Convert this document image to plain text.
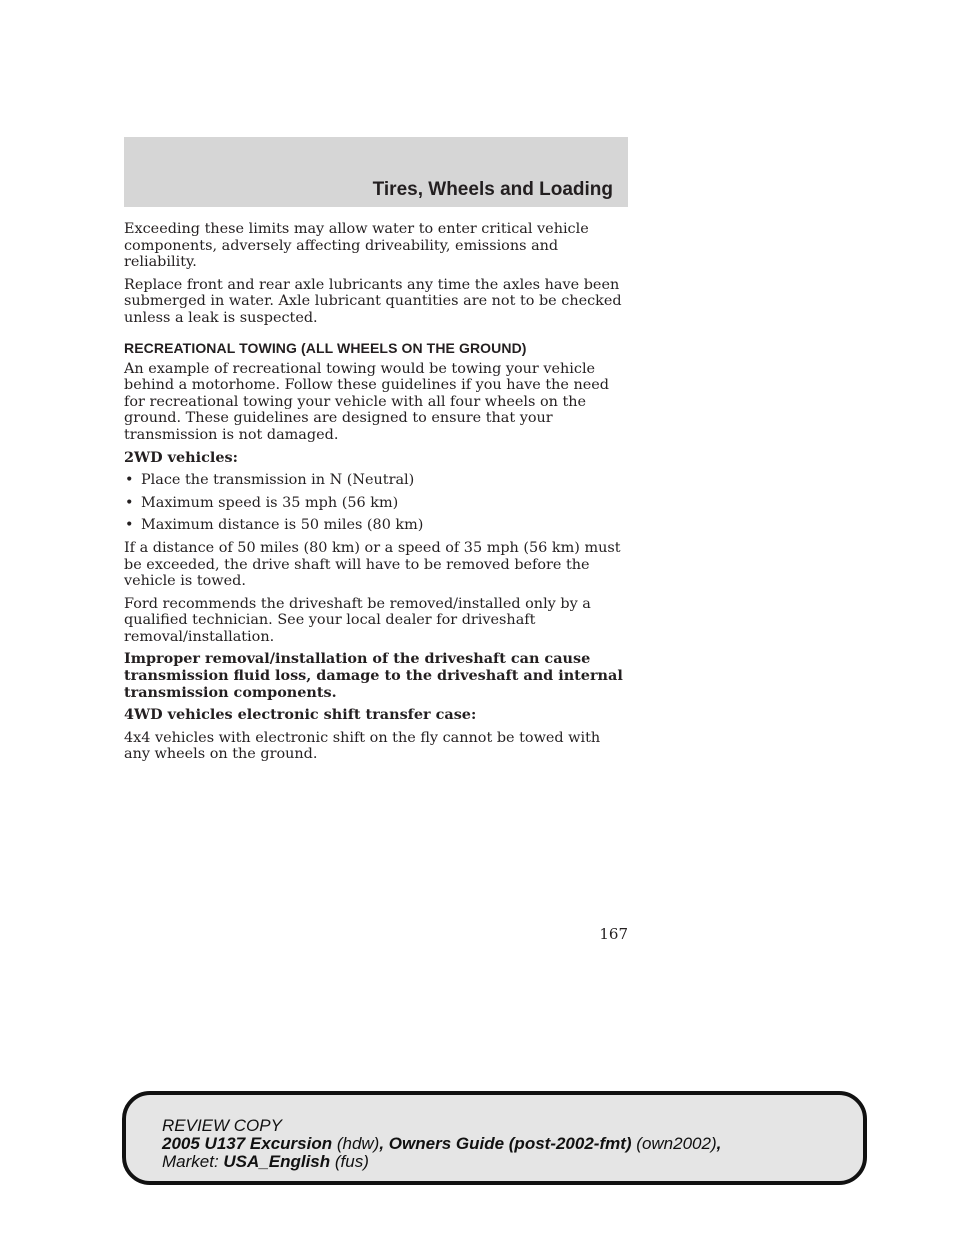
Tires, Wheels and Loading

Exceeding these limits may allow water to enter critical vehicle components, adversely affecting driveability, emissions and reliability.

Replace front and rear axle lubricants any time the axles have been submerged in water. Axle lubricant quantities are not to be checked unless a leak is suspected.

RECREATIONAL TOWING (ALL WHEELS ON THE GROUND)

An example of recreational towing would be towing your vehicle behind a motorhome. Follow these guidelines if you have the need for recreational towing your vehicle with all four wheels on the ground. These guidelines are designed to ensure that your transmission is not damaged.

2WD vehicles:

• Place the transmission in N (Neutral)
• Maximum speed is 35 mph (56 km)
• Maximum distance is 50 miles (80 km)

If a distance of 50 miles (80 km) or a speed of 35 mph (56 km) must be exceeded, the drive shaft will have to be removed before the vehicle is towed.

Ford recommends the driveshaft be removed/installed only by a qualified technician. See your local dealer for driveshaft removal/installation.

Improper removal/installation of the driveshaft can cause transmission fluid loss, damage to the driveshaft and internal transmission components.

4WD vehicles electronic shift transfer case:

4x4 vehicles with electronic shift on the fly cannot be towed with any wheels on the ground.

167
REVIEW COPY
2005 U137 Excursion (hdw), Owners Guide (post-2002-fmt) (own2002),
Market: USA_English (fus)
